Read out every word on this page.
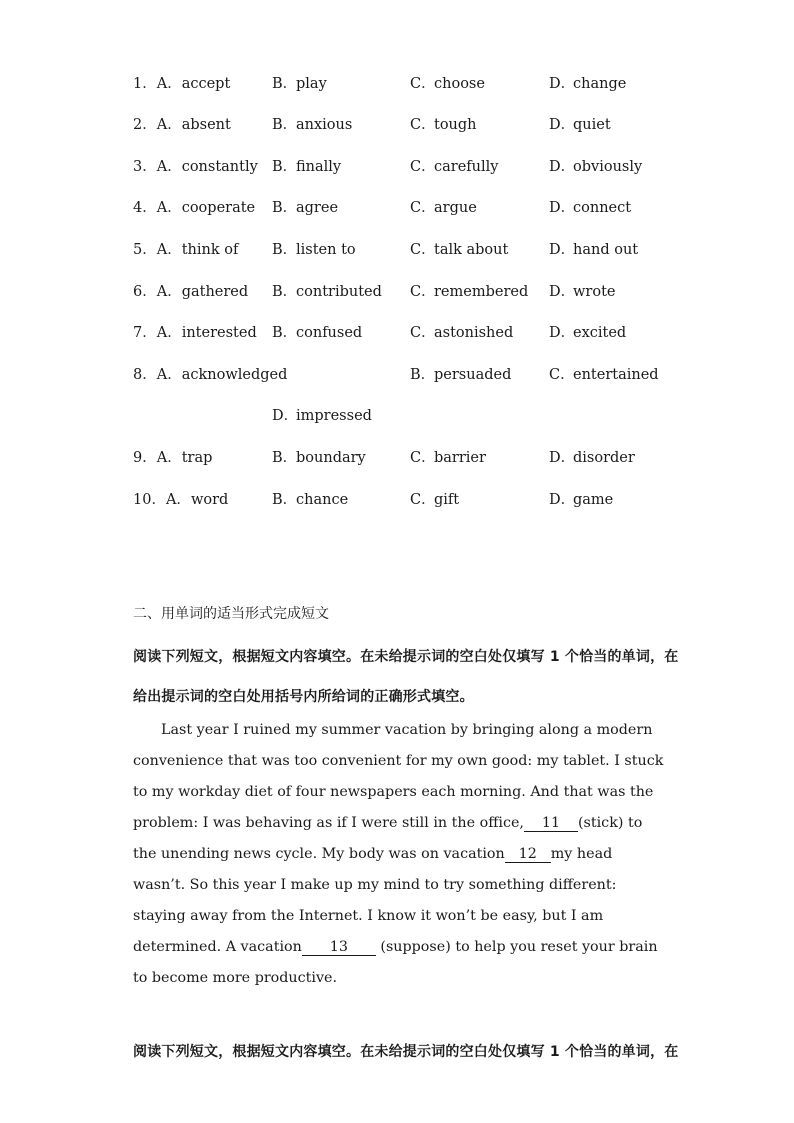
1．A．accept	B．play	C．choose	D．change
2．A．absent	B．anxious	C．tough	D．quiet
3．A．constantly B．finally	C．carefully	D．obviously
4．A．cooperate B．agree	C．argue	D．connect
5．A．think of B．listen to	C．talk about	D．hand out
6．A．gathered B．contributed C．remembered D．wrote
7．A．interested B．confused	C．astonished D．excited
8．A．acknowledged	B．persuaded	C．entertained
D．impressed
9．A．trap	B．boundary	C．barrier	D．disorder
10．A．word	B．chance	C．gift	D．game
二、用单词的适当形式完成短文
阅读下列短文，根据短文内容填空。在未给提示词的空白处仅填写 1 个恰当的单词，在
给出提示词的空白处用括号内所给词的正确形式填空。
Last year I ruined my summer vacation by bringing along a modern
convenience that was too convenient for my own good: my tablet. I stuck
to my workday diet of four newspapers each morning. And that was the
problem: I was behaving as if I were still in the office, 11 (stick) to
the unending news cycle. My body was on vacation 12 my head
wasn’t. So this year I make up my mind to try something different:
staying away from the Internet. I know it won’t be easy, but I am
determined. A vacation 13 (suppose) to help you reset your brain
to become more productive.
阅读下列短文，根据短文内容填空。在未给提示词的空白处仅填写 1 个恰当的单词，在
